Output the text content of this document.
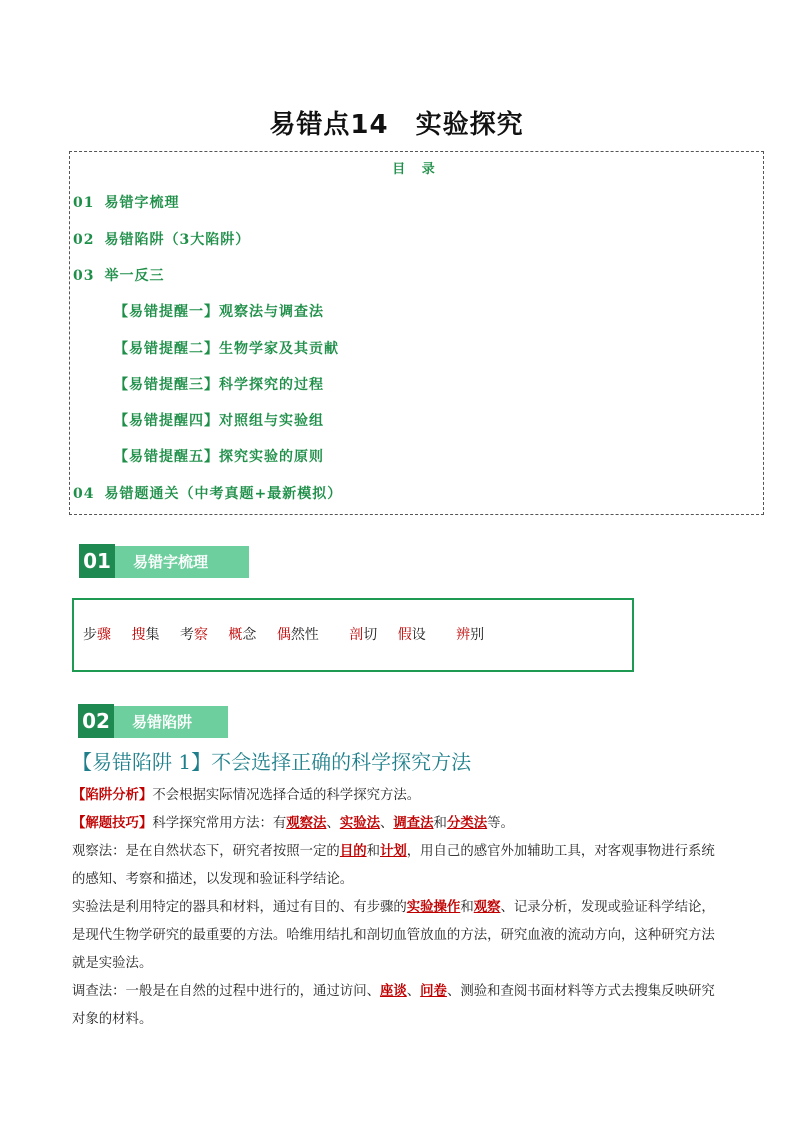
易错点14　实验探究
目 录
01 易错字梳理
02 易错陷阱（3大陷阱）
03 举一反三
【易错提醒一】观察法与调查法
【易错提醒二】生物学家及其贡献
【易错提醒三】科学探究的过程
【易错提醒四】对照组与实验组
【易错提醒五】探究实验的原则
04 易错题通关（中考真题+最新模拟）
01	易错字梳理
步骤 搜集 考察 概念 偶然性 剖切 假设 辨别
02	易错陷阱
【易错陷阱 1】不会选择正确的科学探究方法
【陷阱分析】不会根据实际情况选择合适的科学探究方法。
【解题技巧】科学探究常用方法：有观察法、实验法、调查法和分类法等。
观察法：是在自然状态下，研究者按照一定的目的和计划，用自己的感官外加辅助工具，对客观事物进行系统的感知、考察和描述，以发现和验证科学结论。
实验法是利用特定的器具和材料，通过有目的、有步骤的实验操作和观察、记录分析，发现或验证科学结论，是现代生物学研究的最重要的方法。哈维用结扎和剖切血管放血的方法，研究血液的流动方向，这种研究方法就是实验法。
调查法：一般是在自然的过程中进行的，通过访问、座谈、问卷、测验和查阅书面材料等方式去搜集反映研究对象的材料。
